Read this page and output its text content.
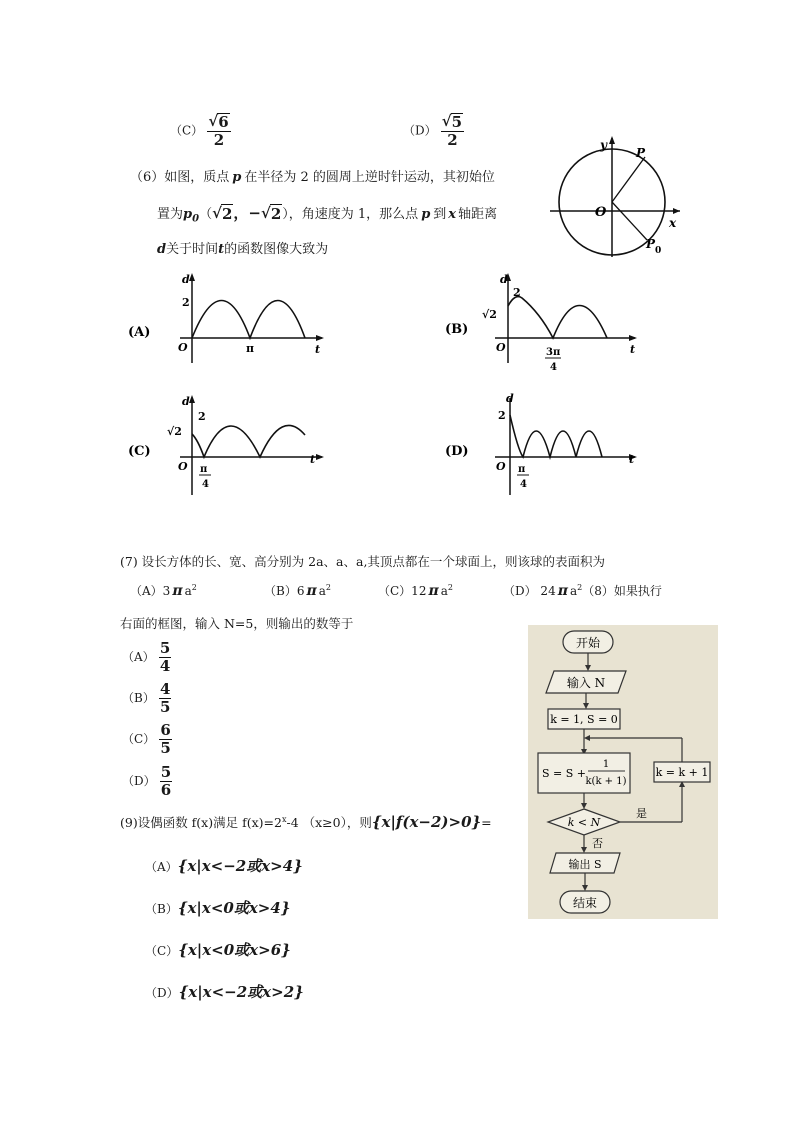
$(C) \frac{√ 6}{2}$	$(D) \frac{√ 5}{2}$
（6）如图，质点 p 在半径为 2 的圆周上逆时针运动，其初始位
置为$p_0$（ √ 2 ，− √ 2 ），角速度为 1，那么点 p 到 x 轴距离
d关于时间t的函数图像大致为
y
x
O
P
P 0
(A)
d
2
O	π	t
(B)
d
2
√2
O	3π
4
t
(C)
d
2
√2
O π
4
t
(D)
d
2
O π
4
t
(7) 设长方体的长、宽、高分别为 2a、a、a,其顶点都在一个球面上，则该球的表面积为
（A）3 π $a^2$	（B）6 π $a^2$	（C）12 π $a^2$	（D） 24 π $a^2(8)$如果执行
右面的框图，输入 N=5，则输出的数等于
$(A) \frac{5}{4}$
$(B) \frac{4}{5}$
$(C) \frac{6}{5}$
$(D) \frac{5}{6}$
开始
输入 N
k = 1, S = 0
S = S +
1
k(k + 1)
k < N
是
k = k + 1
否
输出 S
结束
(9)设偶函数 f(x)满足 $f(x)=2^x-4$ （x≥0），则{x|f(x−2)>0}=
（A）{x|x<−2或x>4}
（B）{x|x<0或x>4}
（C）{x|x<0或x>6}
（D）{x|x<−2或x>2}
